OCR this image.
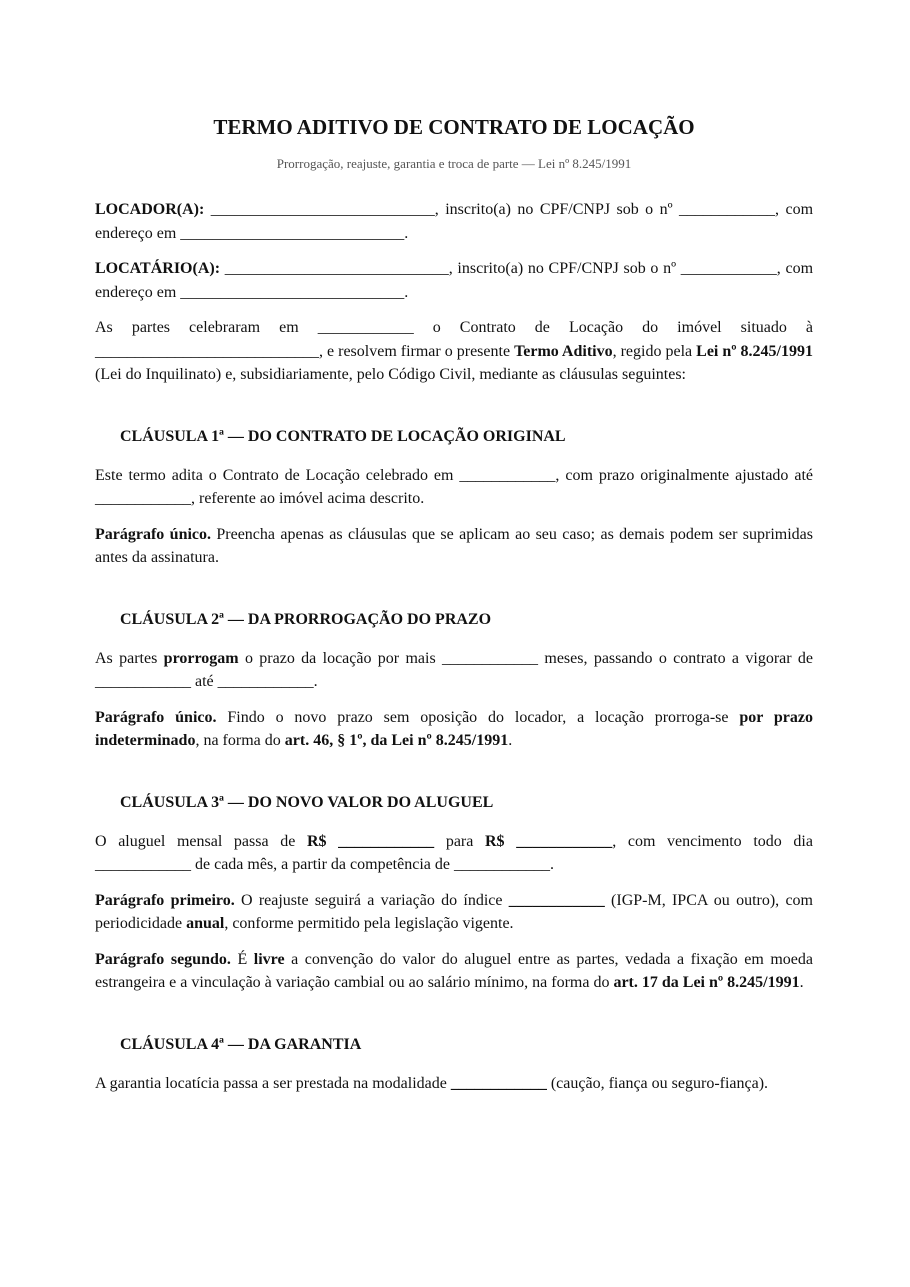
TERMO ADITIVO DE CONTRATO DE LOCAÇÃO
Prorrogação, reajuste, garantia e troca de parte — Lei nº 8.245/1991

LOCADOR(A): ____________________________, inscrito(a) no CPF/CNPJ sob o nº ____________, com endereço em ____________________________.

LOCATÁRIO(A): ____________________________, inscrito(a) no CPF/CNPJ sob o nº ____________, com endereço em ____________________________.

As partes celebraram em ____________ o Contrato de Locação do imóvel situado à ____________________________, e resolvem firmar o presente Termo Aditivo, regido pela Lei nº 8.245/1991 (Lei do Inquilinato) e, subsidiariamente, pelo Código Civil, mediante as cláusulas seguintes:

CLÁUSULA 1ª — DO CONTRATO DE LOCAÇÃO ORIGINAL

Este termo adita o Contrato de Locação celebrado em ____________, com prazo originalmente ajustado até ____________, referente ao imóvel acima descrito.

Parágrafo único. Preencha apenas as cláusulas que se aplicam ao seu caso; as demais podem ser suprimidas antes da assinatura.

CLÁUSULA 2ª — DA PRORROGAÇÃO DO PRAZO

As partes prorrogam o prazo da locação por mais ____________ meses, passando o contrato a vigorar de ____________ até ____________.

Parágrafo único. Findo o novo prazo sem oposição do locador, a locação prorroga-se por prazo indeterminado, na forma do art. 46, § 1º, da Lei nº 8.245/1991.

CLÁUSULA 3ª — DO NOVO VALOR DO ALUGUEL

O aluguel mensal passa de R$ ____________ para R$ ____________, com vencimento todo dia ____________ de cada mês, a partir da competência de ____________.

Parágrafo primeiro. O reajuste seguirá a variação do índice ____________ (IGP-M, IPCA ou outro), com periodicidade anual, conforme permitido pela legislação vigente.

Parágrafo segundo. É livre a convenção do valor do aluguel entre as partes, vedada a fixação em moeda estrangeira e a vinculação à variação cambial ou ao salário mínimo, na forma do art. 17 da Lei nº 8.245/1991.

CLÁUSULA 4ª — DA GARANTIA

A garantia locatícia passa a ser prestada na modalidade ____________ (caução, fiança ou seguro-fiança).
